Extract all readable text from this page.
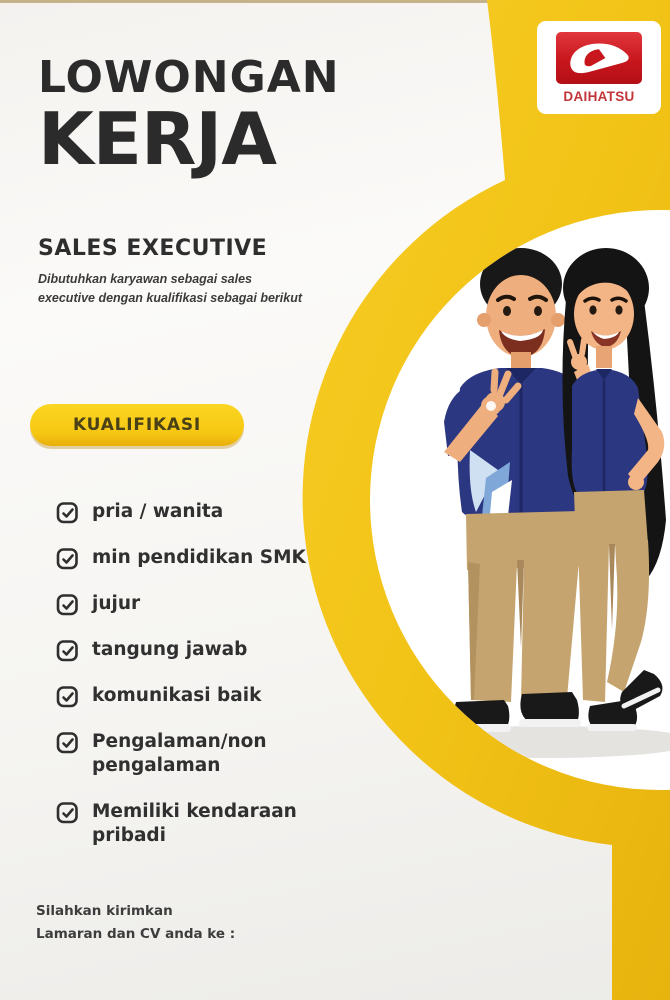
LOWONGAN
KERJA
DAIHATSU
SALES EXECUTIVE
Dibutuhkan karyawan sebagai sales
executive dengan kualifikasi sebagai berikut
KUALIFIKASI
pria / wanita
min pendidikan SMK
jujur
tangung jawab
komunikasi baik
Pengalaman/non pengalaman
Memiliki kendaraan pribadi
Silahkan kirimkan
Lamaran dan CV anda ke :
